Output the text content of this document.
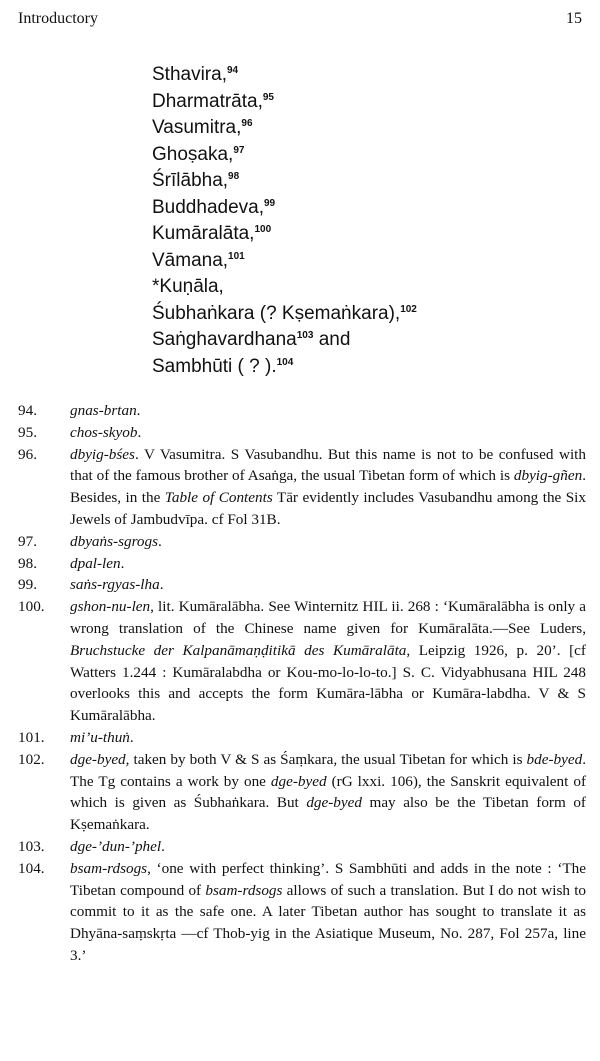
Introductory	15
Sthavira,$^{94}$
Dharmatrāta,$^{95}$
Vasumitra,$^{96}$
Ghoṣaka,$^{97}$
Śrīlābha,$^{98}$
Buddhadeva,$^{99}$
Kumāralāta,$^{100}$
Vāmana,$^{101}$
*Kuṇāla,
Śubhaṅkara (? Kṣemaṅkara),$^{102}$
Saṅghavardhana$^{103}$ and
Sambhūti ( ? ).$^{104}$
94.	gnas-brtan.
95.	chos-skyob.
96.	dbyig-bśes. V Vasumitra. S Vasubandhu. But this name is not to be confused with that of the famous brother of Asaṅga, the usual Tibetan form of which is dbyig-gñen. Besides, in the Table of Contents Tār evidently includes Vasubandhu among the Six Jewels of Jambudvīpa. cf Fol 31B.
97.	dbyaṅs-sgrogs.
98.	dpal-len.
99.	saṅs-rgyas-lha.
100.	gshon-nu-len, lit. Kumāralābha. See Winternitz HIL ii. 268 : ‘Kumāralābha is only a wrong translation of the Chinese name given for Kumāralāta.—See Luders, Bruchstucke der Kalpanāmaṇḍitikā des Kumāralāta, Leipzig 1926, p. 20’. [cf Watters 1.244 : Kumāralabdha or Kou-mo-lo-lo-to.] S. C. Vidyabhusana HIL 248 overlooks this and accepts the form Kumāra-lābha or Kumāra-labdha. V & S Kumāralābha.
101.	mi’u-thuṅ.
102.	dge-byed, taken by both V & S as Śaṃkara, the usual Tibetan for which is bde-byed. The Tg contains a work by one dge-byed (rG lxxi. 106), the Sanskrit equivalent of which is given as Śubhaṅkara. But dge-byed may also be the Tibetan form of Kṣemaṅkara.
103.	dge-’dun-’phel.
104.	bsam-rdsogs, ‘one with perfect thinking’. S Sambhūti and adds in the note : ‘The Tibetan compound of bsam-rdsogs allows of such a translation. But I do not wish to commit to it as the safe one. A later Tibetan author has sought to translate it as Dhyāna-saṃskṛta —cf Thob-yig in the Asiatique Museum, No. 287, Fol 257a, line 3.’
